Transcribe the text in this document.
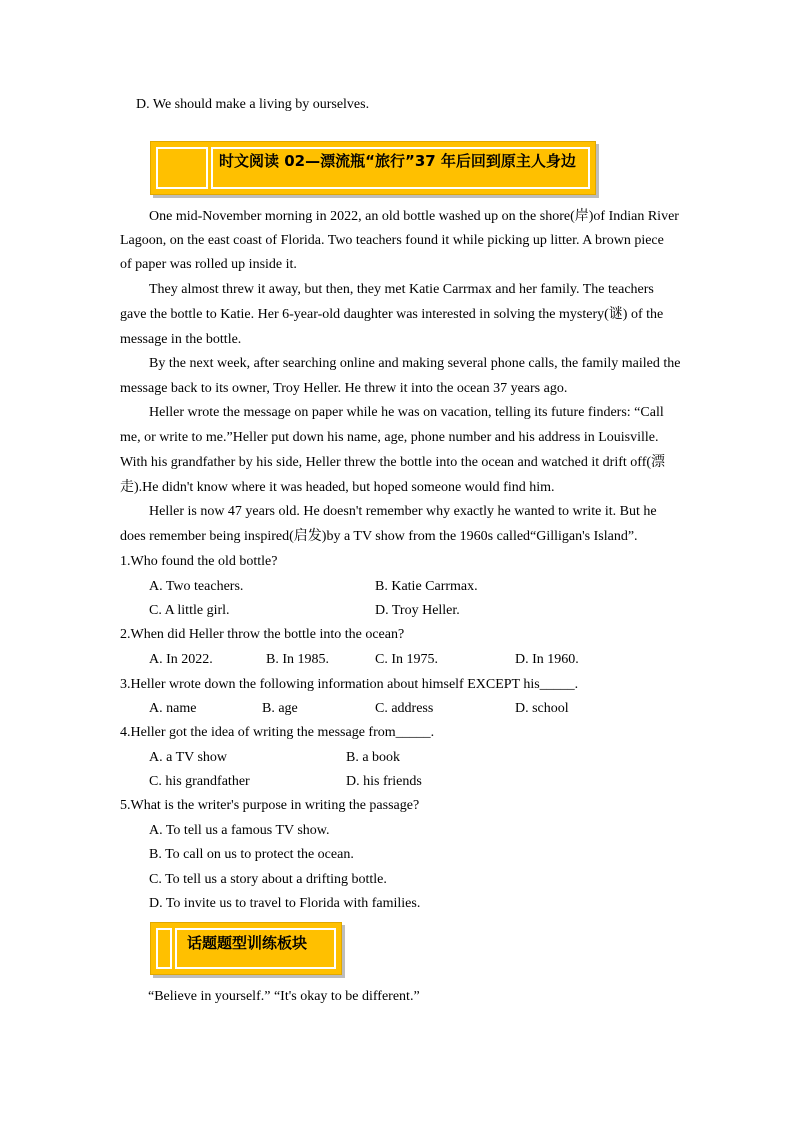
D. We should make a living by ourselves.
时文阅读 02—漂流瓶“旅行”37 年后回到原主人身边
One mid-November morning in 2022, an old bottle washed up on the shore(岸)of Indian River
Lagoon, on the east coast of Florida. Two teachers found it while picking up litter. A brown piece
of paper was rolled up inside it.
They almost threw it away, but then, they met Katie Carrmax and her family. The teachers
gave the bottle to Katie. Her 6-year-old daughter was interested in solving the mystery(谜) of the
message in the bottle.
By the next week, after searching online and making several phone calls, the family mailed the
message back to its owner, Troy Heller. He threw it into the ocean 37 years ago.
Heller wrote the message on paper while he was on vacation, telling its future finders: “Call
me, or write to me.”Heller put down his name, age, phone number and his address in Louisville.
With his grandfather by his side, Heller threw the bottle into the ocean and watched it drift off(漂
走).He didn't know where it was headed, but hoped someone would find him.
Heller is now 47 years old. He doesn't remember why exactly he wanted to write it. But he
does remember being inspired(启发)by a TV show from the 1960s called“Gilligan's Island”.
1.Who found the old bottle?
A. Two teachers.	B. Katie Carrmax.
C. A little girl.	D. Troy Heller.
2.When did Heller throw the bottle into the ocean?
A. In 2022.	B. In 1985.	C. In 1975.	D. In 1960.
3.Heller wrote down the following information about himself EXCEPT his_____.
A. name	B. age	C. address	D. school
4.Heller got the idea of writing the message from_____.
A. a TV show	B. a book
C. his grandfather	D. his friends
5.What is the writer's purpose in writing the passage?
A. To tell us a famous TV show.
B. To call on us to protect the ocean.
C. To tell us a story about a drifting bottle.
D. To invite us to travel to Florida with families.
话题题型训练板块
“Believe in yourself.” “It's okay to be different.”
